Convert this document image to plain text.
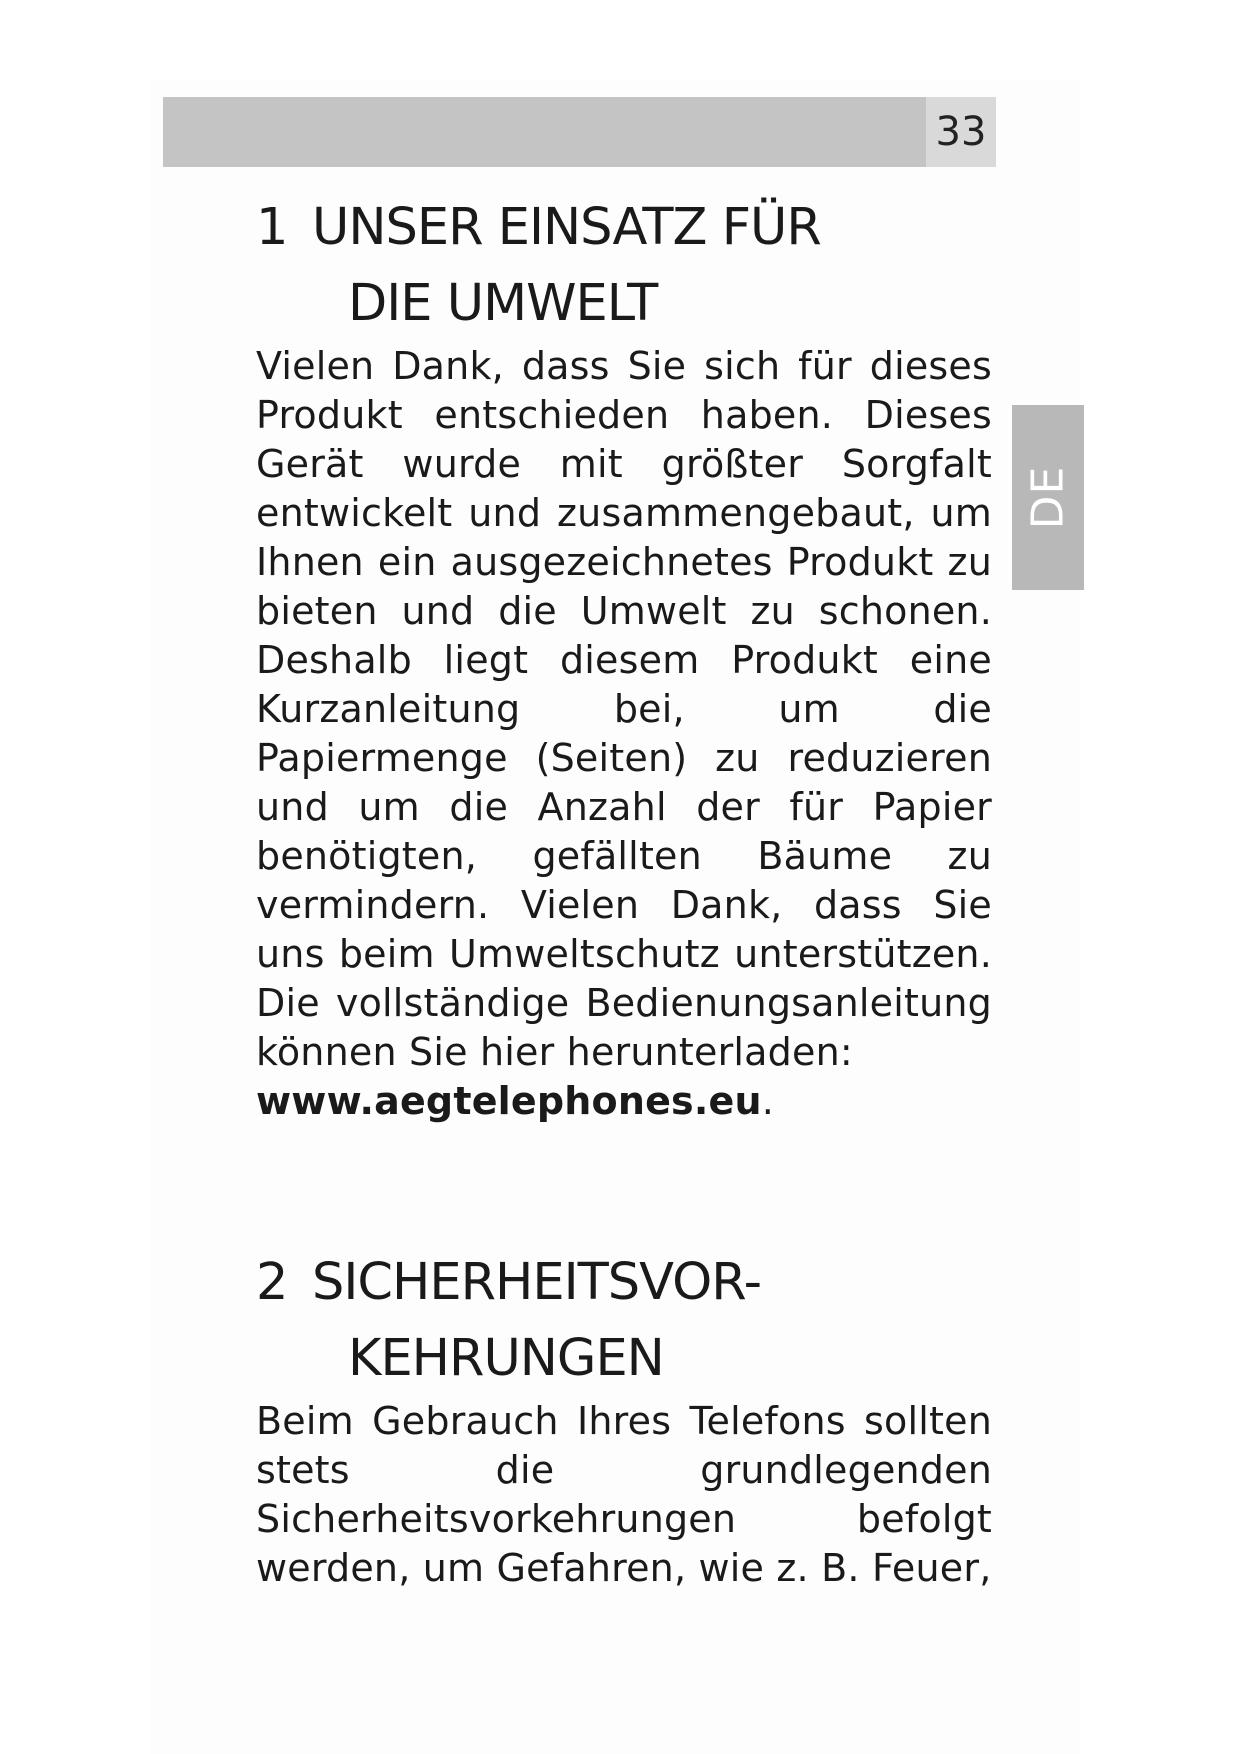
33
DE
1 UNSER EINSATZ FÜR
DIE UMWELT

Vielen Dank, dass Sie sich für dieses Produkt entschieden haben. Dieses Gerät wurde mit größter Sorgfalt entwickelt und zusammengebaut, um Ihnen ein ausgezeichnetes Produkt zu bieten und die Umwelt zu schonen. Deshalb liegt diesem Produkt eine Kurzanleitung bei, um die Papiermenge (Seiten) zu reduzieren und um die Anzahl der für Papier benötigten, gefällten Bäume zu vermindern. Vielen Dank, dass Sie uns beim Umweltschutz unterstützen. Die vollständige Bedienungsanleitung können Sie hier herunterladen:
www.aegtelephones.eu.

2 SICHERHEITSVOR-
KEHRUNGEN

Beim Gebrauch Ihres Telefons sollten stets die grundlegenden Sicherheitsvorkehrungen befolgt werden, um Gefahren, wie z. B. Feuer,
